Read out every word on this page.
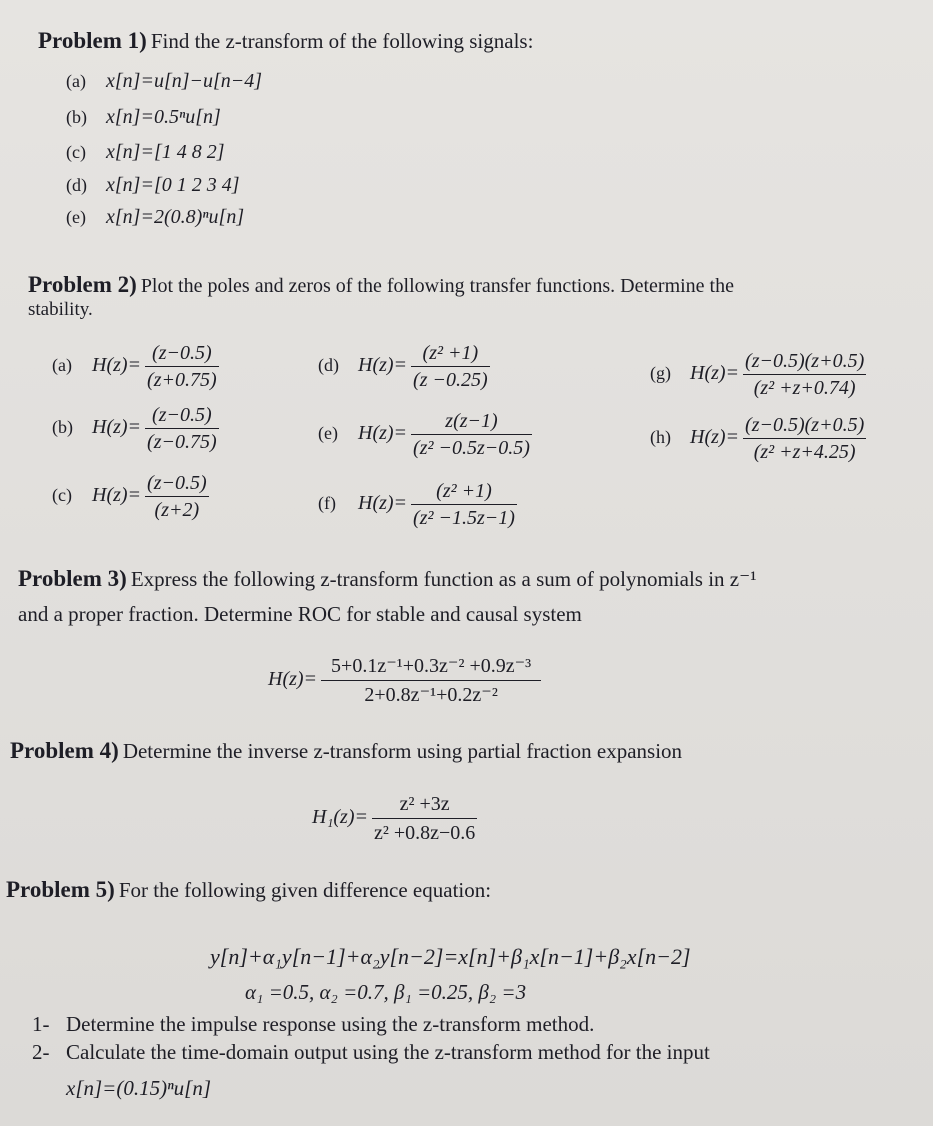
Problem 1) Find the z-transform of the following signals:
(a) x[n]=u[n]−u[n−4]
(b) x[n]=0.5ⁿu[n]
(c) x[n]=[1 4 8 2]
(d) x[n]=[0 1 2 3 4]
(e) x[n]=2(0.8)ⁿu[n]
Problem 2) Plot the poles and zeros of the following transfer functions. Determine the
stability.
(a) $H(z)= \frac{(z-0.5)}{(z+0.75)}$
(b) $H(z)= \frac{(z-0.5)}{(z-0.75)}$
(c) $H(z)= \frac{(z-0.5)}{(z+2)}$
(d) $H(z)= \frac{\text{(z² +1)}}{(z -0.25)}$
(e) $H(z)= \frac{z(z-1)}{\text{(z² −0.5z−0.5)}}$
(f) $H(z)= \frac{\text{(z² +1)}}{\text{(z² −1.5z−1)}}$
(g) $H(z)= \frac{(z-0.5)(z+0.5)}{\text{(z² +z+0.74)}}$
(h) $H(z)= \frac{(z-0.5)(z+0.5)}{\text{(z² +z+4.25)}}$
Problem 3) Express the following z-transform function as a sum of polynomials in z⁻¹
and a proper fraction. Determine ROC for stable and causal system
$H(z)= \frac{\text{5+0.1z⁻¹+0.3z⁻² +0.9z⁻³}}{\text{2+0.8z⁻¹+0.2z⁻²}}$
Problem 4) Determine the inverse z-transform using partial fraction expansion
$H_1(z)= \frac{\text{z² +3z}}{\text{z² +0.8z−0.6}}$
Problem 5) For the following given difference equation:
y[n]+α₁y[n−1]+α₂y[n−2]=x[n]+β₁x[n−1]+β₂x[n−2]
α₁ =0.5, α₂ =0.7, β₁ =0.25, β₂ =3
1- Determine the impulse response using the z-transform method.
2- Calculate the time-domain output using the z-transform method for the input
x[n]=(0.15)ⁿu[n]
